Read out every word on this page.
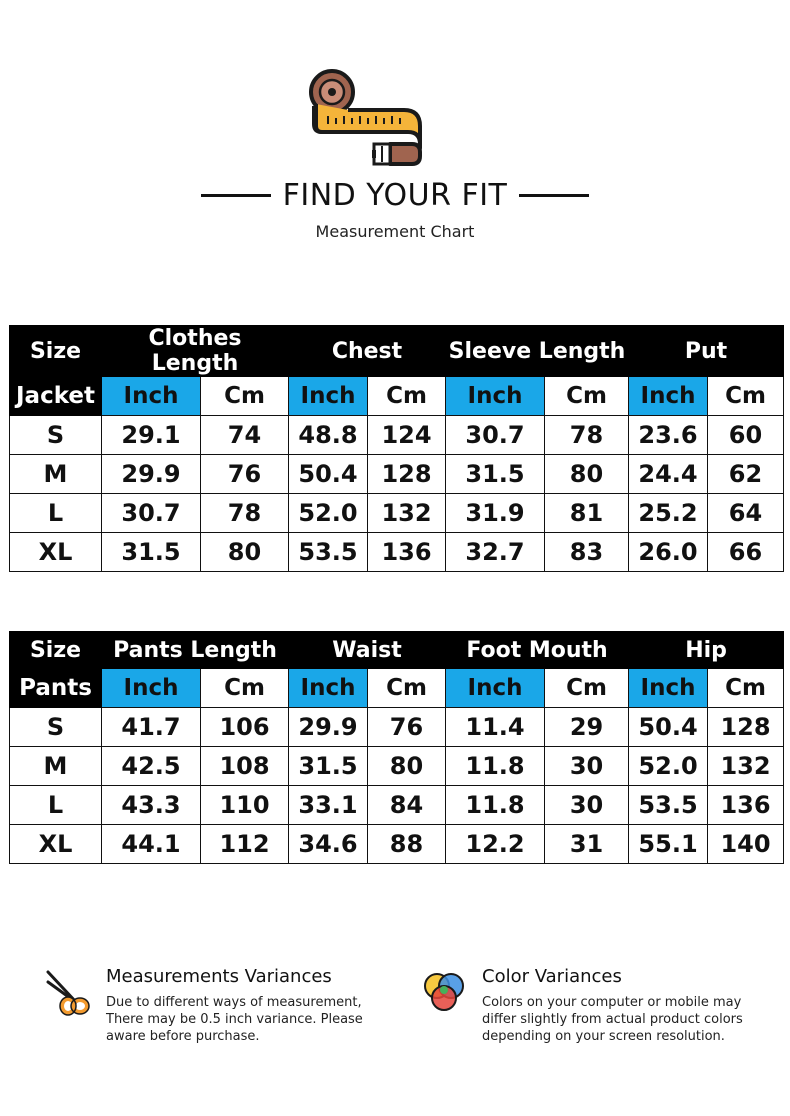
FIND YOUR FIT
Measurement Chart
Size	Clothes Length		Chest		Sleeve Length		Put	
Jacket	Inch	Cm	Inch	Cm	Inch	Cm	Inch	Cm
S	29.1	74	48.8	124	30.7	78	23.6	60
M	29.9	76	50.4	128	31.5	80	24.4	62
L	30.7	78	52.0	132	31.9	81	25.2	64
XL	31.5	80	53.5	136	32.7	83	26.0	66
Size	Pants Length		Waist		Foot Mouth		Hip	
Pants	Inch	Cm	Inch	Cm	Inch	Cm	Inch	Cm
S	41.7	106	29.9	76	11.4	29	50.4	128
M	42.5	108	31.5	80	11.8	30	52.0	132
L	43.3	110	33.1	84	11.8	30	53.5	136
XL	44.1	112	34.6	88	12.2	31	55.1	140
Measurements Variances
Due to different ways of measurement,
There may be 0.5 inch variance. Please
aware before purchase.
Color Variances
Colors on your computer or mobile may
differ slightly from actual product colors
depending on your screen resolution.
